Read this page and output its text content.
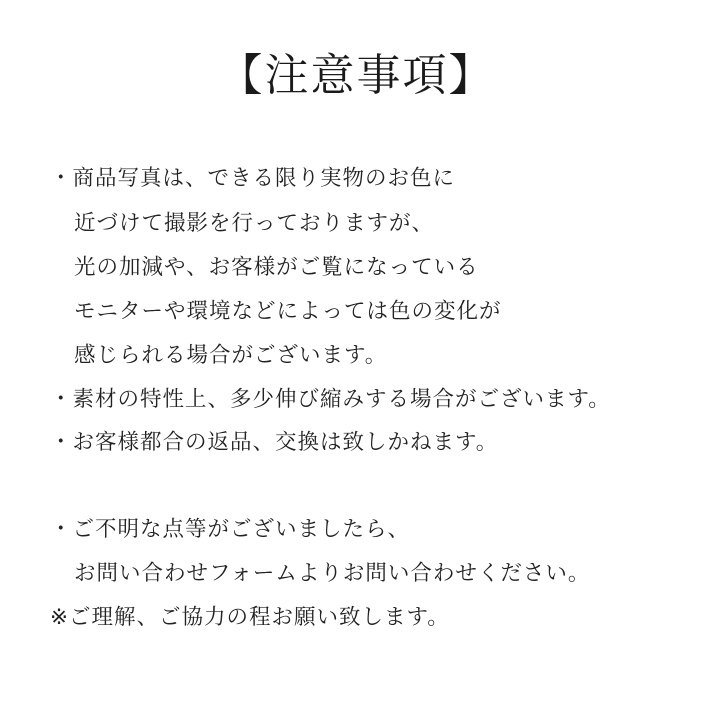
【注意事項】
・商品写真は、できる限り実物のお色に
近づけて撮影を行っておりますが、
光の加減や、お客様がご覧になっている
モニターや環境などによっては色の変化が
感じられる場合がございます。
・素材の特性上、多少伸び縮みする場合がございます。
・お客様都合の返品、交換は致しかねます。
・ご不明な点等がございましたら、
お問い合わせフォームよりお問い合わせください。
※ご理解、ご協力の程お願い致します。
